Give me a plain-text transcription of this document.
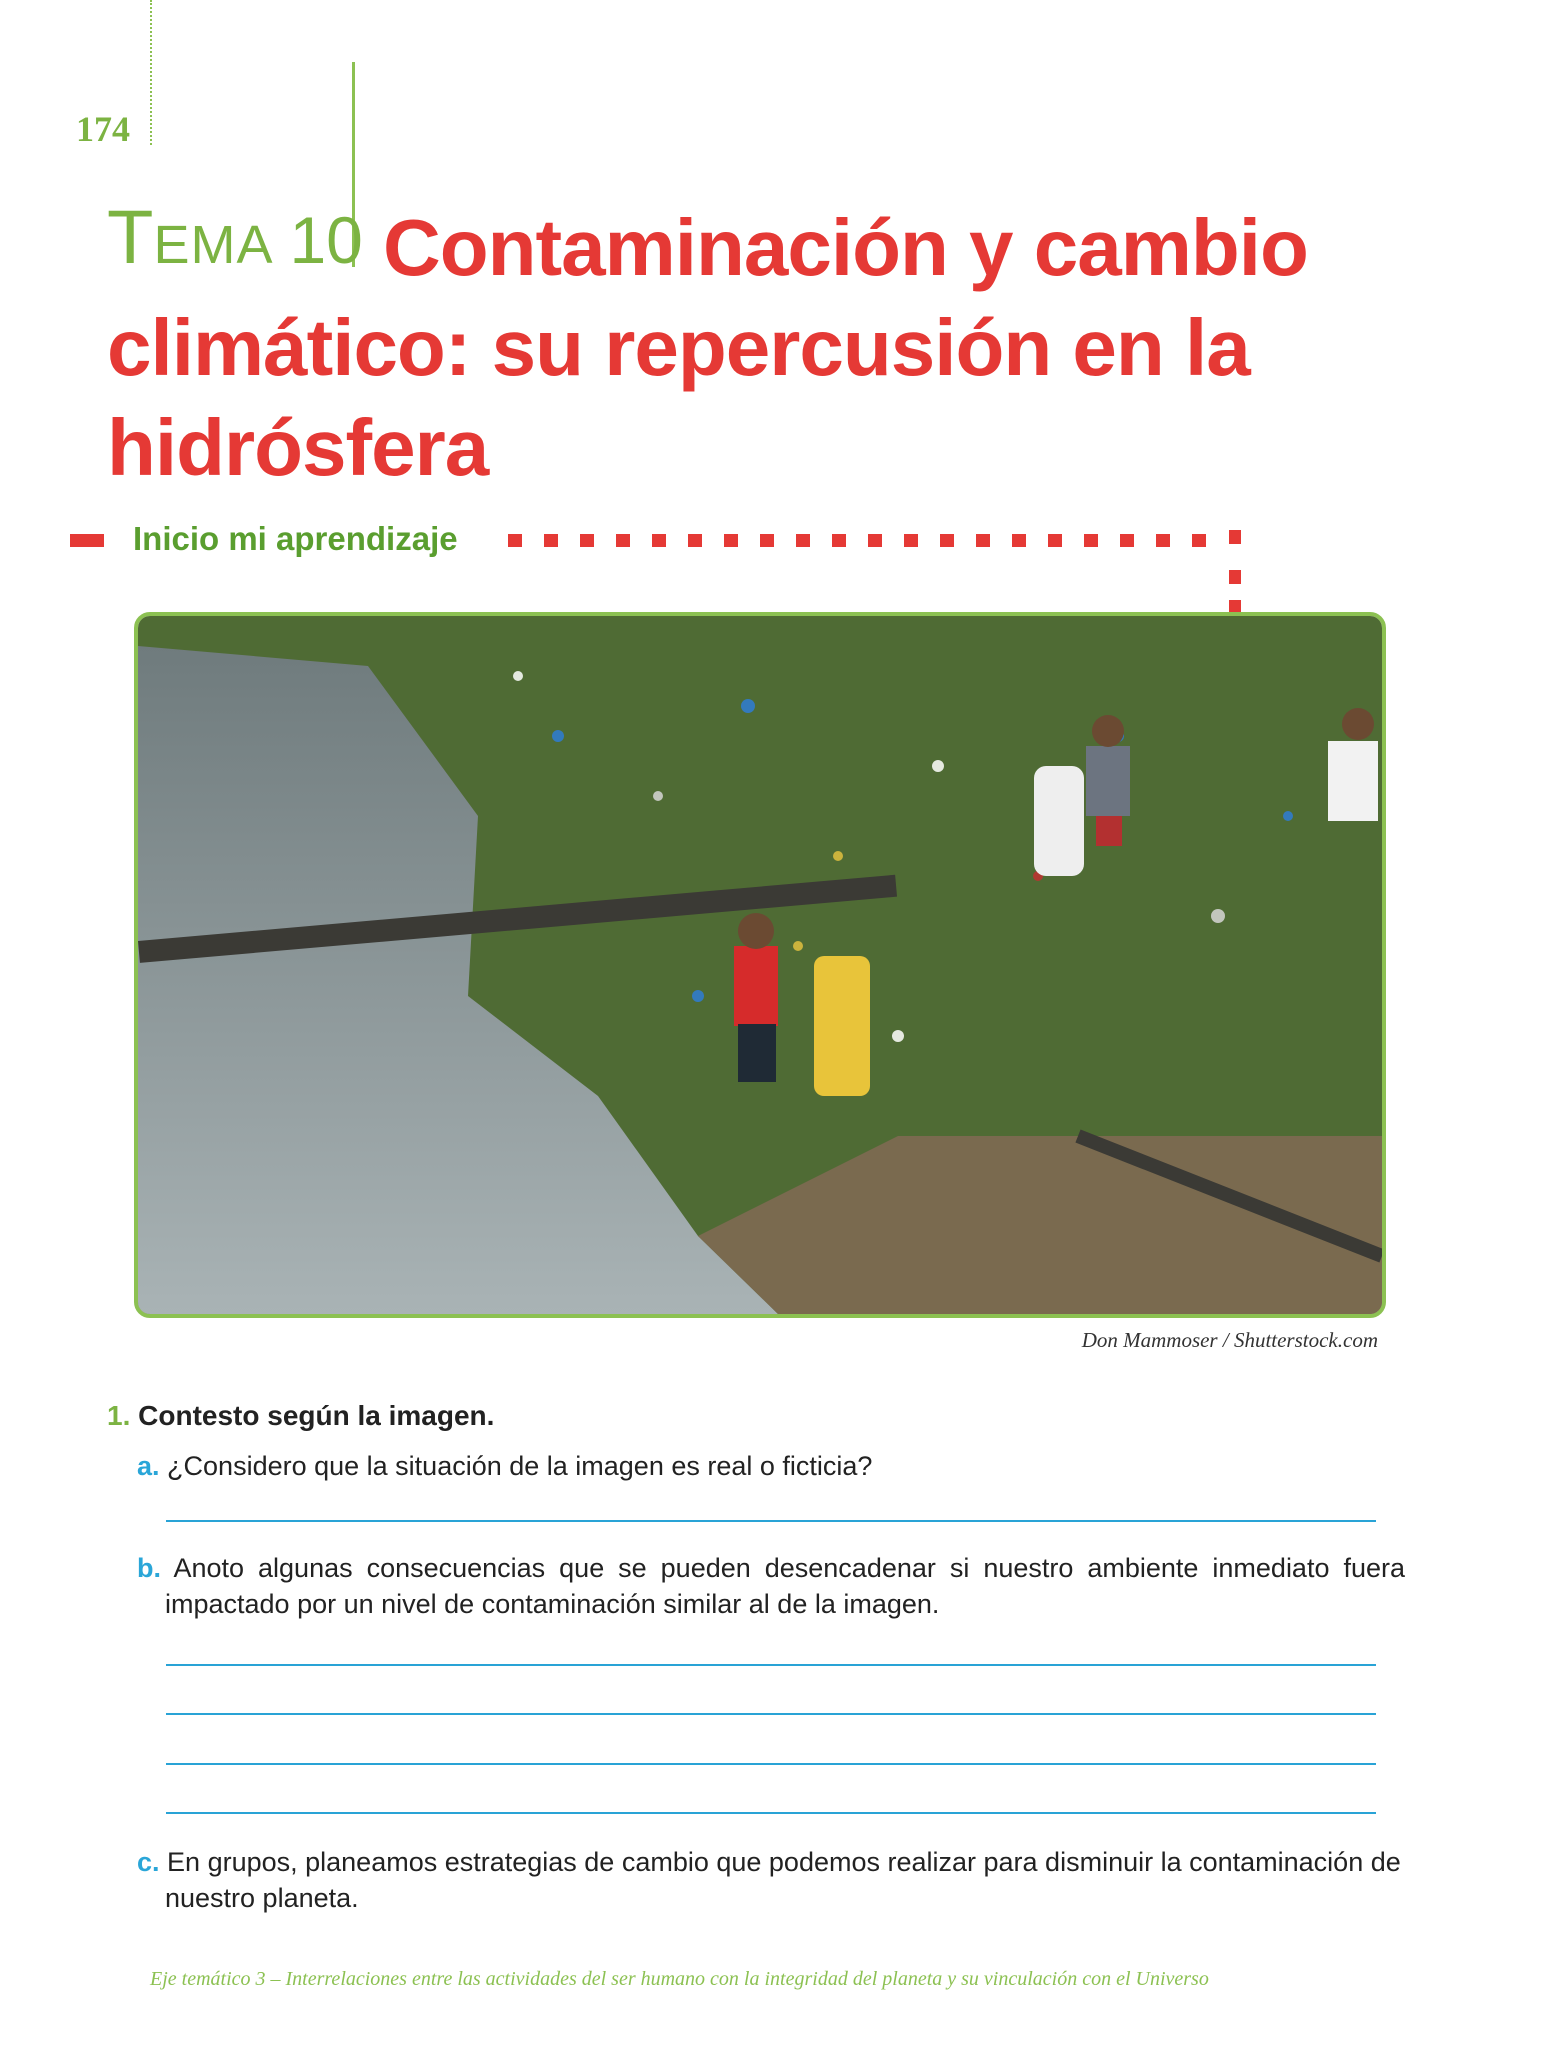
174
TEMA 10 Contaminación y cambio climático: su repercusión en la hidrósfera
Inicio mi aprendizaje
Don Mammoser / Shutterstock.com
1. Contesto según la imagen.
a. ¿Considero que la situación de la imagen es real o ficticia?
b. Anoto algunas consecuencias que se pueden desencadenar si nuestro ambiente inmediato fuera impactado por un nivel de contaminación similar al de la imagen.
c. En grupos, planeamos estrategias de cambio que podemos realizar para disminuir la contaminación de nuestro planeta.
Eje temático 3 – Interrelaciones entre las actividades del ser humano con la integridad del planeta y su vinculación con el Universo
